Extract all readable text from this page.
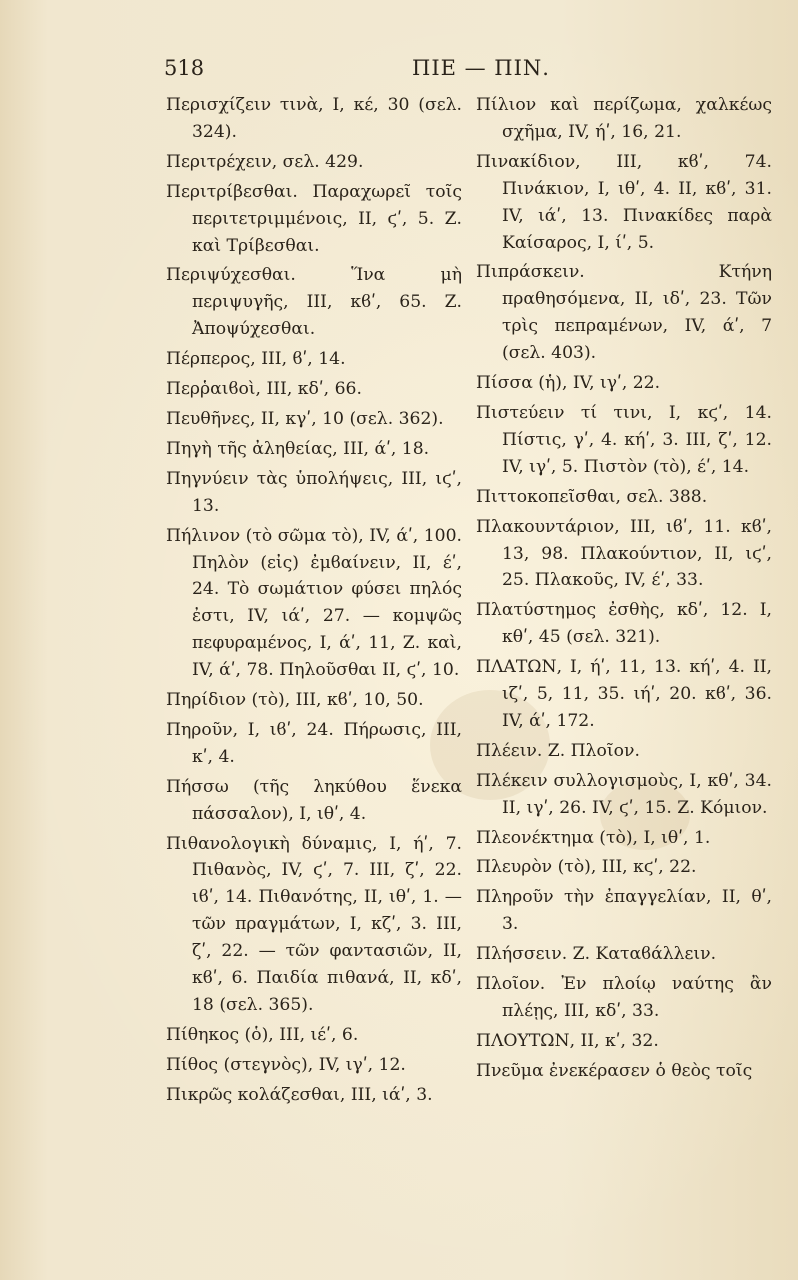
518	ΠΙΕ — ΠΙΝ.

Περισχίζειν τινὰ, Ι, κέ, 30 (σελ. 324).

Περιτρέχειν, σελ. 429.

Περιτρίβεσθαι. Παραχωρεῖ τοῖς περιτετριμμένοις, ΙΙ, ϛʹ, 5. Ζ. καὶ Τρίβεσθαι.

Περιψύχεσθαι. Ἵνα μὴ περιψυγῆς, ΙΙΙ, κϐʹ, 65. Ζ. Ἀποψύχεσθαι.

Πέρπερος, ΙΙΙ, ϐʹ, 14.

Περῥαιϐοὶ, ΙΙΙ, κδʹ, 66.

Πευθῆνες, ΙΙ, κγʹ, 10 (σελ. 362).

Πηγὴ τῆς ἀληθείας, ΙΙΙ, άʹ, 18.

Πηγνύειν τὰς ὑπολήψεις, ΙΙΙ, ιϛʹ, 13.

Πήλινον (τὸ σῶμα τὸ), IV, άʹ, 100. Πηλὸν (εἰς) ἐμϐαίνειν, ΙΙ, έʹ, 24. Τὸ σωμάτιον φύσει πηλός ἐστι, IV, ιάʹ, 27. — κομψῶς πεφυραμένος, Ι, άʹ, 11, Ζ. καὶ, IV, άʹ, 78. Πηλοῦσθαι ΙΙ, ϛʹ, 10.

Πηρίδιον (τὸ), ΙΙΙ, κϐʹ, 10, 50.

Πηροῦν, Ι, ιϐʹ, 24. Πήρωσις, ΙΙΙ, κʹ, 4.

Πήσσω (τῆς ληκύθου ἕνεκα πάσσαλον), Ι, ιθʹ, 4.

Πιθανολογικὴ δύναμις, Ι, ήʹ, 7. Πιθανὸς, IV, ϛʹ, 7. ΙΙΙ, ζʹ, 22. ιϐʹ, 14. Πιθανότης, ΙΙ, ιθʹ, 1. — τῶν πραγμάτων, Ι, κζʹ, 3. ΙΙΙ, ζʹ, 22. — τῶν φαντασιῶν, ΙΙ, κϐʹ, 6. Παιδία πιθανά, ΙΙ, κδʹ, 18 (σελ. 365).

Πίθηκος (ὁ), ΙΙΙ, ιέʹ, 6.

Πίθος (στεγνὸς), IV, ιγʹ, 12.

Πικρῶς κολάζεσθαι, ΙΙΙ, ιάʹ, 3.

Πίλιον καὶ περίζωμα, χαλκέως σχῆμα, IV, ήʹ, 16, 21.

Πινακίδιον, ΙΙΙ, κϐʹ, 74. Πινάκιον, Ι, ιθʹ, 4. ΙΙ, κϐʹ, 31. IV, ιάʹ, 13. Πινακίδες παρὰ Καίσαρος, Ι, ίʹ, 5.

Πιπράσκειν. Κτήνη πραθησόμενα, ΙΙ, ιδʹ, 23. Τῶν τρὶς πεπραμένων, IV, άʹ, 7 (σελ. 403).

Πίσσα (ἡ), IV, ιγʹ, 22.

Πιστεύειν τί τινι, Ι, κϛʹ, 14. Πίστις, γʹ, 4. κήʹ, 3. ΙΙΙ, ζʹ, 12. IV, ιγʹ, 5. Πιστὸν (τὸ), έʹ, 14.

Πιττοκοπεῖσθαι, σελ. 388.

Πλακουντάριον, ΙΙΙ, ιϐʹ, 11. κϐʹ, 13, 98. Πλακούντιον, ΙΙ, ιϛʹ, 25. Πλακοῦς, IV, έʹ, 33.

Πλατύστημος ἐσθὴς, κδʹ, 12. Ι, κθʹ, 45 (σελ. 321).

ΠΛΑΤΩΝ, Ι, ήʹ, 11, 13. κήʹ, 4. ΙΙ, ιζʹ, 5, 11, 35. ιήʹ, 20. κϐʹ, 36. IV, άʹ, 172.

Πλέειν. Ζ. Πλοῖον.

Πλέκειν συλλογισμοὺς, Ι, κθʹ, 34. ΙΙ, ιγʹ, 26. IV, ϛʹ, 15. Ζ. Κόμιον.

Πλεονέκτημα (τὸ), Ι, ιθʹ, 1.

Πλευρὸν (τὸ), ΙΙΙ, κϛʹ, 22.

Πληροῦν τὴν ἐπαγγελίαν, ΙΙ, θʹ, 3.

Πλήσσειν. Ζ. Καταϐάλλειν.

Πλοῖον. Ἐν πλοίῳ ναύτης ἂν πλέῃς, ΙΙΙ, κδʹ, 33.

ΠΛΟΥΤΩΝ, ΙΙ, κʹ, 32.

Πνεῦμα ἐνεκέρασεν ὁ θεὸς τοῖς
